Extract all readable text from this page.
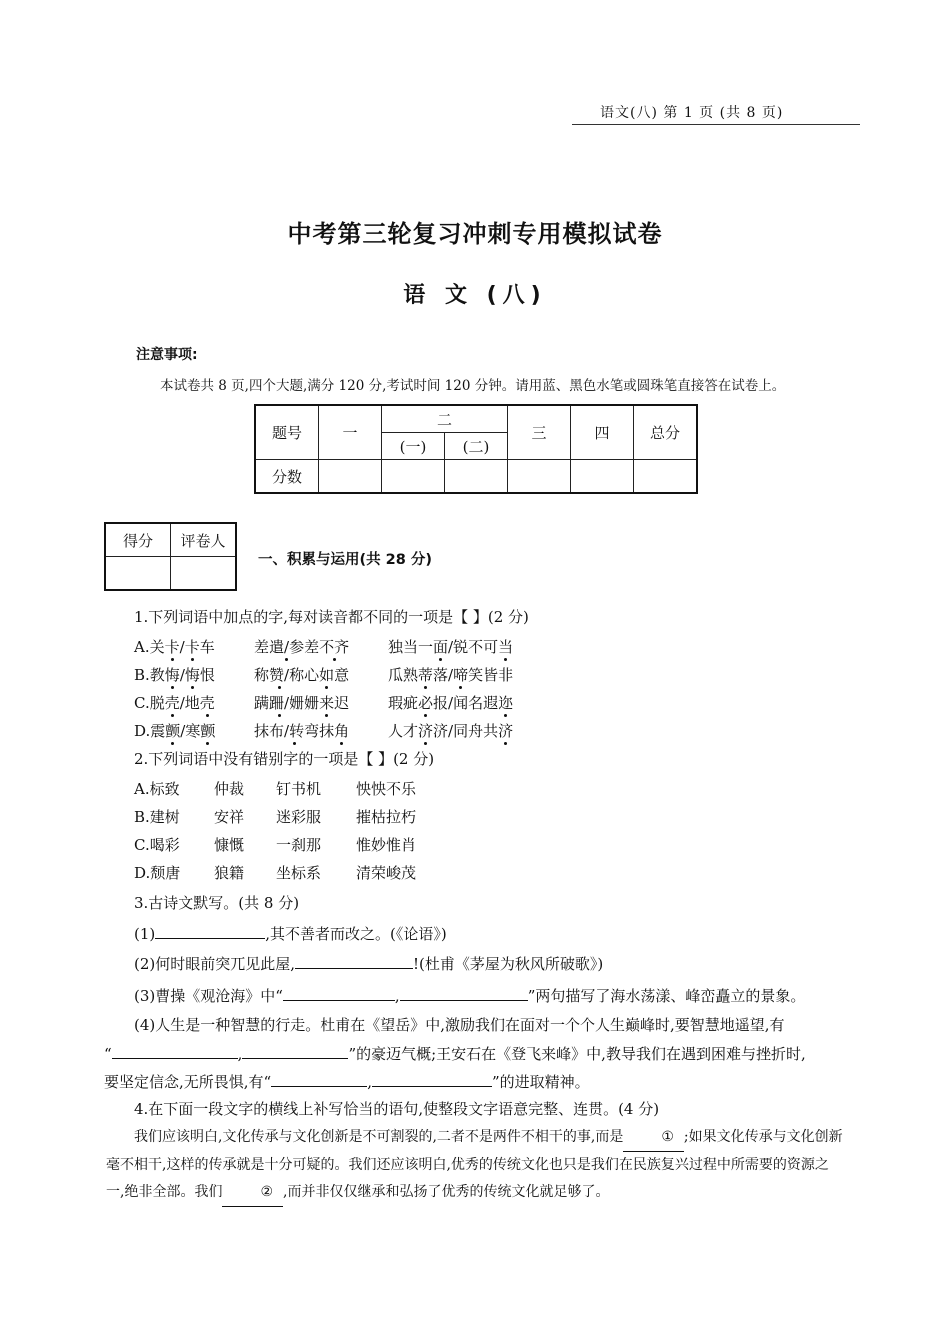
语文(八) 第 1 页 (共 8 页)
中考第三轮复习冲刺专用模拟试卷
语 文 (八)
注意事项:
本试卷共 8 页,四个大题,满分 120 分,考试时间 120 分钟。请用蓝、黑色水笔或圆珠笔直接答在试卷上。
题号	一	二		三	四	总分
		(一)	(二)			
分数						
得分	评卷人

一、积累与运用(共 28 分)
1.下列词语中加点的字,每对读音都不同的一项是【 】(2 分)
A.关卡/卡车	差遣/参差不齐	独当一面/锐不可当
B.教悔/悔恨	称赞/称心如意	瓜熟蒂落/啼笑皆非
C.脱壳/地壳	蹒跚/姗姗来迟	瑕疵必报/闻名遐迩
D.震颤/寒颤	抹布/转弯抹角	人才济济/同舟共济
2.下列词语中没有错别字的一项是【 】(2 分)
A.标致 仲裁 钉书机 怏怏不乐
B.建树 安祥 迷彩服 摧枯拉朽
C.喝彩 慷慨 一刹那 惟妙惟肖
D.颓唐 狼籍 坐标系 清荣峻茂
3.古诗文默写。(共 8 分)
(1)	,其不善者而改之。(《论语》)
(2)何时眼前突兀见此屋,	!(杜甫《茅屋为秋风所破歌》)
(3)曹操《观沧海》中“	,	”两句描写了海水荡漾、峰峦矗立的景象。
(4)人生是一种智慧的行走。杜甫在《望岳》中,激励我们在面对一个个人生巅峰时,要智慧地遥望,有
“	,	”的豪迈气概;王安石在《登飞来峰》中,教导我们在遇到困难与挫折时,
要坚定信念,无所畏惧,有“	,	”的进取精神。
4.在下面一段文字的横线上补写恰当的语句,使整段文字语意完整、连贯。(4 分)
我们应该明白,文化传承与文化创新是不可割裂的,二者不是两件不相干的事,而是	① ;如果文化传承与文化创新毫不相干,这样的传承就是十分可疑的。我们还应该明白,优秀的传统文化也只是我们在民族复兴过程中所需要的资源之一,绝非全部。我们	② ,而并非仅仅继承和弘扬了优秀的传统文化就足够了。
